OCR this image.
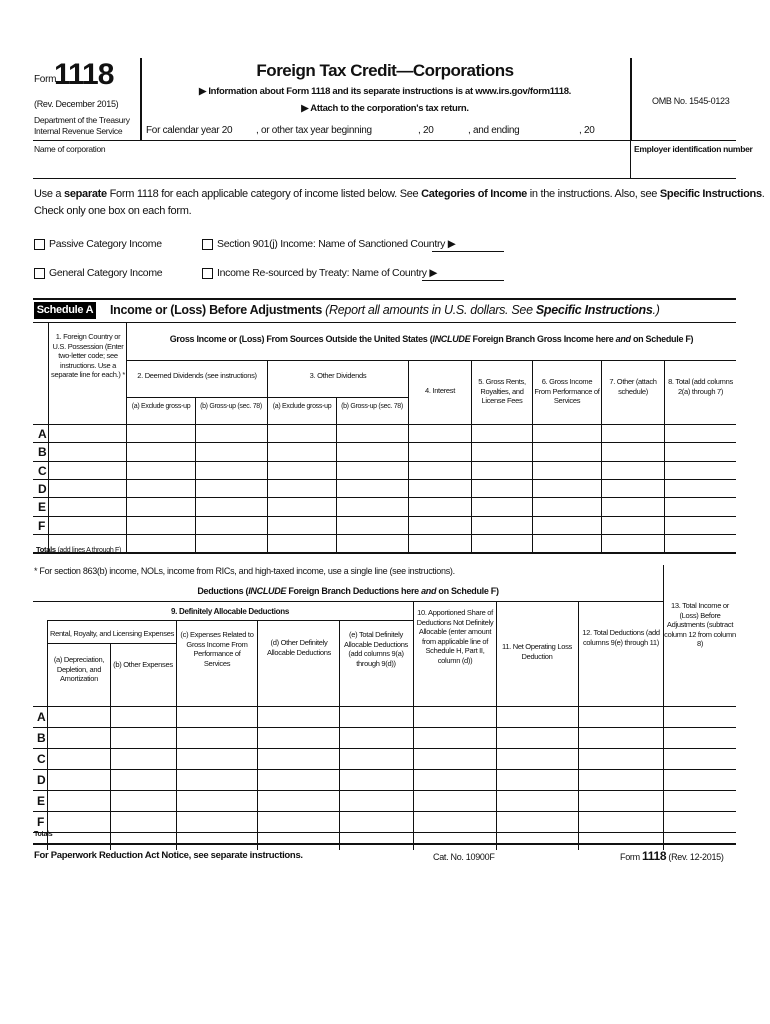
Form
1118
(Rev. December 2015)
Department of the Treasury
Internal Revenue Service
Foreign Tax Credit—Corporations
▶ Information about Form 1118 and its separate instructions is at www.irs.gov/form1118.
▶ Attach to the corporation's tax return.
For calendar year 20 , or other tax year beginning	, 20	, and ending	, 20
OMB No. 1545-0123
Name of corporation	Employer identification number
Use a separate Form 1118 for each applicable category of income listed below. See Categories of Income in the instructions. Also, see Specific Instructions.
Check only one box on each form.
Passive Category Income
General Category Income
Section 901(j) Income: Name of Sanctioned Country ▶
Income Re-sourced by Treaty: Name of Country ▶
Schedule A Income or (Loss) Before Adjustments (Report all amounts in U.S. dollars. See Specific Instructions.)
1. Foreign Country or U.S. Possession (Enter two-letter code; see instructions. Use a separate line for each.) *
Gross Income or (Loss) From Sources Outside the United States (INCLUDE Foreign Branch Gross Income here and on Schedule F)
2. Deemed Dividends (see instructions)	3. Other Dividends
(a) Exclude gross-up	(b) Gross-up (sec. 78)	(a) Exclude gross-up	(b) Gross-up (sec. 78)
4. Interest
5. Gross Rents, Royalties, and License Fees
6. Gross Income From Performance of Services
7. Other (attach schedule)
8. Total (add columns 2(a) through 7)
A
B
C
D
E
F
Totals (add lines A through F)
* For section 863(b) income, NOLs, income from RICs, and high-taxed income, use a single line (see instructions).
Deductions (INCLUDE Foreign Branch Deductions here and on Schedule F)
9. Definitely Allocable Deductions
Rental, Royalty, and Licensing Expenses
(a) Depreciation, Depletion, and Amortization
(b) Other Expenses
(c) Expenses Related to Gross Income From Performance of Services
(d) Other Definitely Allocable Deductions
(e) Total Definitely Allocable Deductions (add columns 9(a) through 9(d))
10. Apportioned Share of Deductions Not Definitely Allocable (enter amount from applicable line of Schedule H, Part II, column (d))
11. Net Operating Loss Deduction
12. Total Deductions (add columns 9(e) through 11)
13. Total Income or (Loss) Before Adjustments (subtract column 12 from column 8)
A
B
C
D
E
F
Totals
For Paperwork Reduction Act Notice, see separate instructions.	Cat. No. 10900F	Form 1118 (Rev. 12-2015)
